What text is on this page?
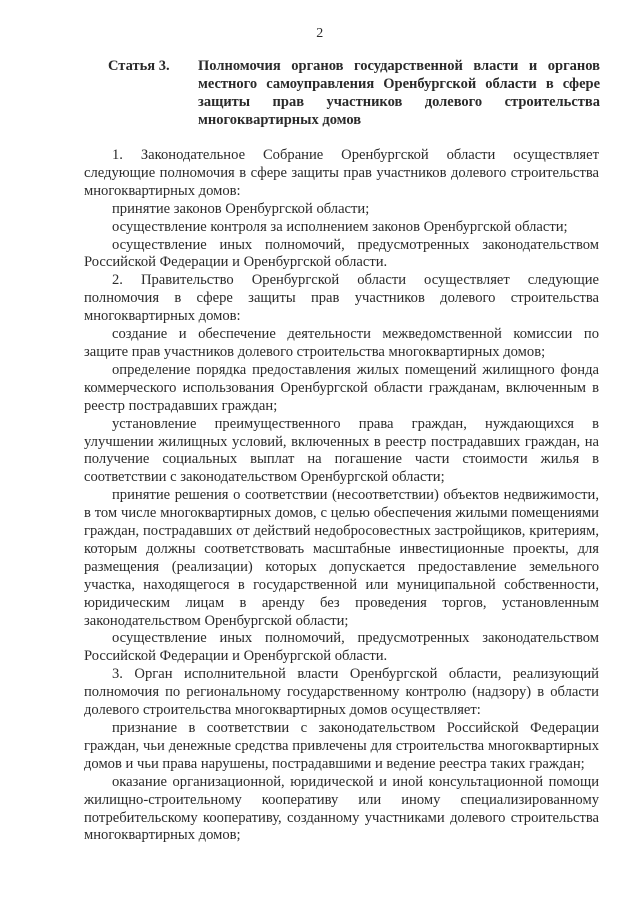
2
Статья 3.	Полномочия органов государственной власти и органов местного самоуправления Оренбургской области в сфере защиты прав участников долевого строительства многоквартирных домов

1. Законодательное Собрание Оренбургской области осуществляет следующие полномочия в сфере защиты прав участников долевого строительства многоквартирных домов:

принятие законов Оренбургской области;

осуществление контроля за исполнением законов Оренбургской области;

осуществление иных полномочий, предусмотренных законодательством Российской Федерации и Оренбургской области.

2. Правительство Оренбургской области осуществляет следующие полномочия в сфере защиты прав участников долевого строительства многоквартирных домов:

создание и обеспечение деятельности межведомственной комиссии по защите прав участников долевого строительства многоквартирных домов;

определение порядка предоставления жилых помещений жилищного фонда коммерческого использования Оренбургской области гражданам, включенным в реестр пострадавших граждан;

установление преимущественного права граждан, нуждающихся в улучшении жилищных условий, включенных в реестр пострадавших граждан, на получение социальных выплат на погашение части стоимости жилья в соответствии с законодательством Оренбургской области;

принятие решения о соответствии (несоответствии) объектов недвижимости, в том числе многоквартирных домов, с целью обеспечения жилыми помещениями граждан, пострадавших от действий недобросовестных застройщиков, критериям, которым должны соответствовать масштабные инвестиционные проекты, для размещения (реализации) которых допускается предоставление земельного участка, находящегося в государственной или муниципальной собственности, юридическим лицам в аренду без проведения торгов, установленным законодательством Оренбургской области;

осуществление иных полномочий, предусмотренных законодательством Российской Федерации и Оренбургской области.

3. Орган исполнительной власти Оренбургской области, реализующий полномочия по региональному государственному контролю (надзору) в области долевого строительства многоквартирных домов осуществляет:

признание в соответствии с законодательством Российской Федерации граждан, чьи денежные средства привлечены для строительства многоквартирных домов и чьи права нарушены, пострадавшими и ведение реестра таких граждан;

оказание организационной, юридической и иной консультационной помощи жилищно-строительному кооперативу или иному специализированному потребительскому кооперативу, созданному участниками долевого строительства многоквартирных домов;
